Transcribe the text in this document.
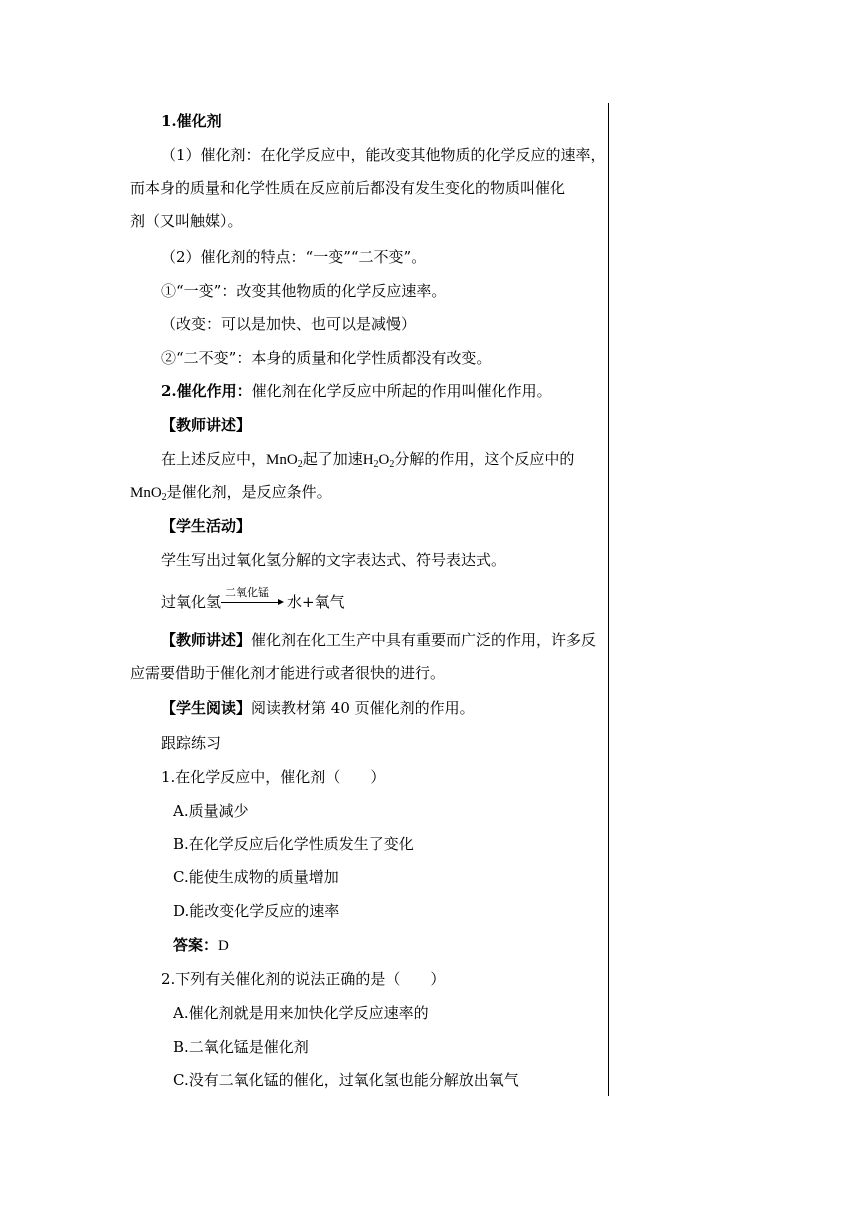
1.催化剂
（1）催化剂：在化学反应中，能改变其他物质的化学反应的速率，
而本身的质量和化学性质在反应前后都没有发生变化的物质叫催化
剂（又叫触媒）。
（2）催化剂的特点：“一变”“二不变”。
①“一变”：改变其他物质的化学反应速率。
（改变：可以是加快、也可以是减慢）
②“二不变”：本身的质量和化学性质都没有改变。
2.催化作用：催化剂在化学反应中所起的作用叫催化作用。
【教师讲述】
在上述反应中，MnO$_2$起了加速$H_2O_2$分解的作用，这个反应中的
MnO$_2$是催化剂，是反应条件。
【学生活动】
学生写出过氧化氢分解的文字表达式、符号表达式。
过氧化氢
二氧化锰
水+氧气
【教师讲述】催化剂在化工生产中具有重要而广泛的作用，许多反
应需要借助于催化剂才能进行或者很快的进行。
【学生阅读】阅读教材第 40 页催化剂的作用。
跟踪练习
1.在化学反应中，催化剂（　　）
A.质量减少
B.在化学反应后化学性质发生了变化
C.能使生成物的质量增加
D.能改变化学反应的速率
答案：D
2.下列有关催化剂的说法正确的是（　　）
A.催化剂就是用来加快化学反应速率的
B.二氧化锰是催化剂
C.没有二氧化锰的催化，过氧化氢也能分解放出氧气
